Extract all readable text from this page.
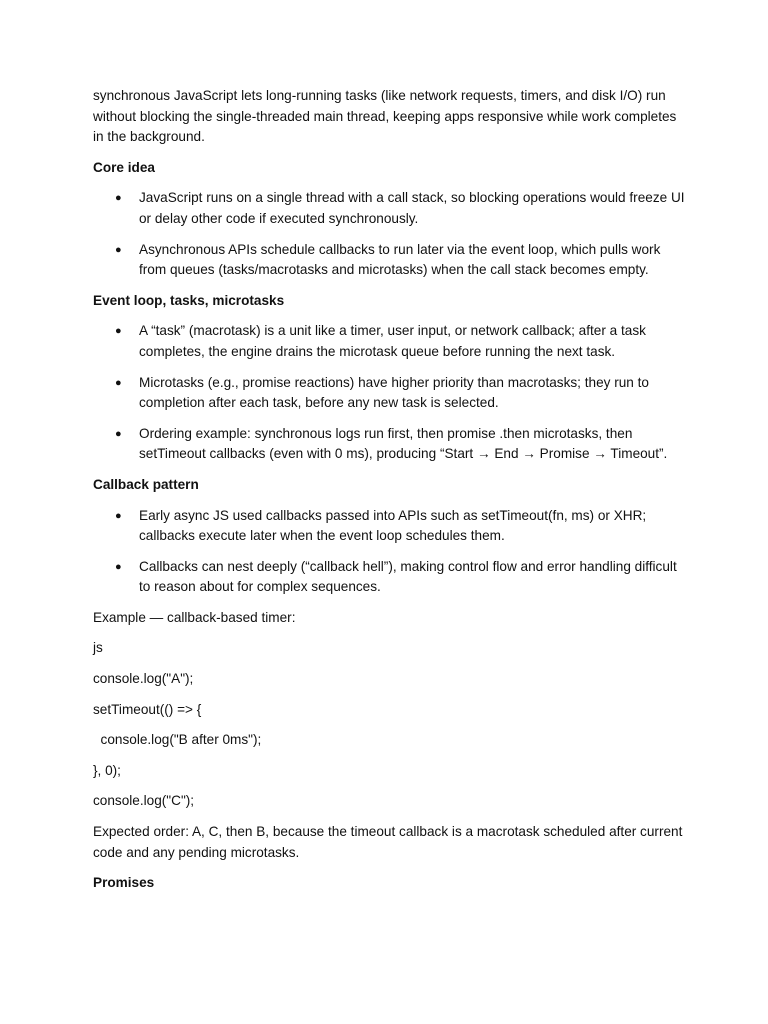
synchronous JavaScript lets long-running tasks (like network requests, timers, and disk I/O) run without blocking the single-threaded main thread, keeping apps responsive while work completes in the background.

Core idea
● JavaScript runs on a single thread with a call stack, so blocking operations would freeze UI or delay other code if executed synchronously.
● Asynchronous APIs schedule callbacks to run later via the event loop, which pulls work from queues (tasks/macrotasks and microtasks) when the call stack becomes empty.
Event loop, tasks, microtasks
● A “task” (macrotask) is a unit like a timer, user input, or network callback; after a task completes, the engine drains the microtask queue before running the next task.
● Microtasks (e.g., promise reactions) have higher priority than macrotasks; they run to completion after each task, before any new task is selected.
● Ordering example: synchronous logs run first, then promise .then microtasks, then setTimeout callbacks (even with 0 ms), producing “Start → End → Promise → Timeout”.
Callback pattern
● Early async JS used callbacks passed into APIs such as setTimeout(fn, ms) or XHR; callbacks execute later when the event loop schedules them.
● Callbacks can nest deeply (“callback hell”), making control flow and error handling difficult to reason about for complex sequences.

Example — callback-based timer:

js

console.log("A");

setTimeout(() => {

console.log("B after 0ms");

}, 0);

console.log("C");

Expected order: A, C, then B, because the timeout callback is a macrotask scheduled after current code and any pending microtasks.

Promises
